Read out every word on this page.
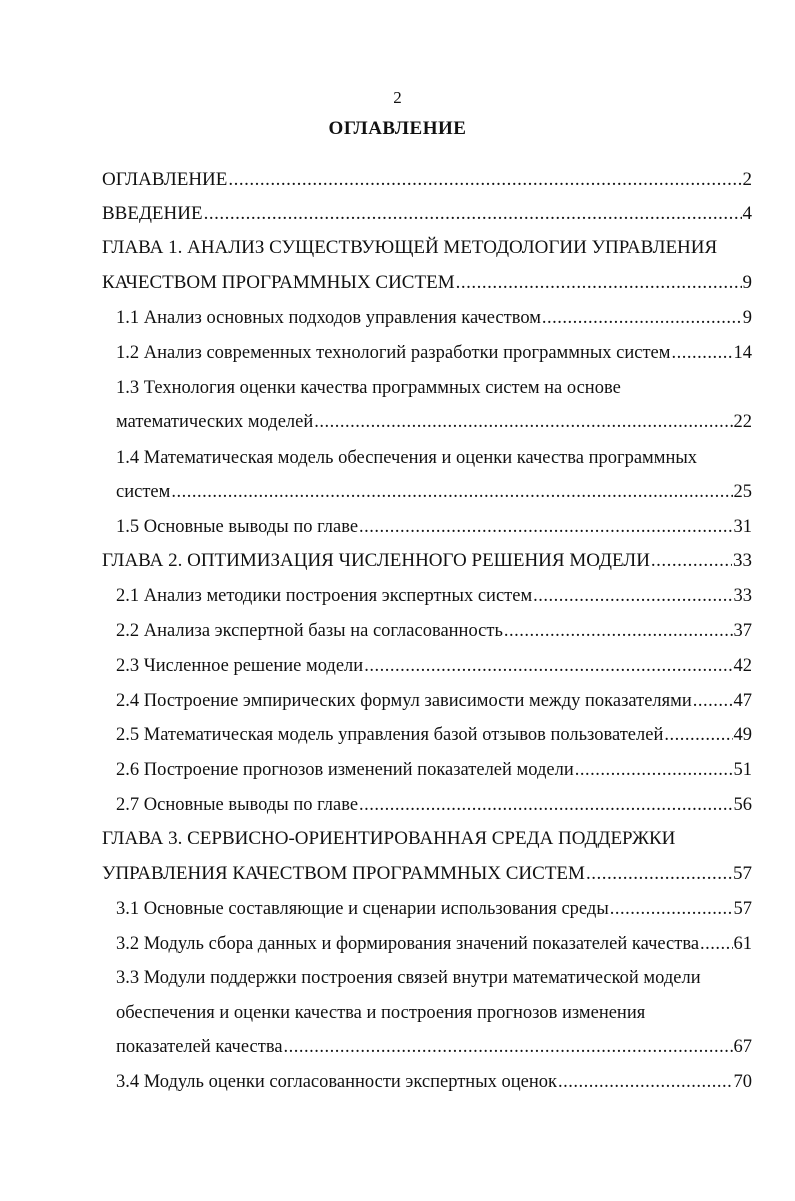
2
ОГЛАВЛЕНИЕ
ОГЛАВЛЕНИЕ .....	2
ВВЕДЕНИЕ .....	4
ГЛАВА 1. АНАЛИЗ СУЩЕСТВУЮЩЕЙ МЕТОДОЛОГИИ УПРАВЛЕНИЯ
КАЧЕСТВОМ ПРОГРАММНЫХ СИСТЕМ .....	9
1.1 Анализ основных подходов управления качеством .....	9
1.2 Анализ современных технологий разработки программных систем .....	14
1.3 Технология оценки качества программных систем на основе
математических моделей .....	22
1.4 Математическая модель обеспечения и оценки качества программных
систем .....	25
1.5 Основные выводы по главе .....	31
ГЛАВА 2. ОПТИМИЗАЦИЯ ЧИСЛЕННОГО РЕШЕНИЯ МОДЕЛИ .....	33
2.1 Анализ методики построения экспертных систем .....	33
2.2 Анализа экспертной базы на согласованность .....	37
2.3 Численное решение модели .....	42
2.4 Построение эмпирических формул зависимости между показателями ..... 47
2.5 Математическая модель управления базой отзывов пользователей .....	49
2.6 Построение прогнозов изменений показателей модели .....	51
2.7 Основные выводы по главе .....	56
ГЛАВА 3. СЕРВИСНО-ОРИЕНТИРОВАННАЯ СРЕДА ПОДДЕРЖКИ
УПРАВЛЕНИЯ КАЧЕСТВОМ ПРОГРАММНЫХ СИСТЕМ .....	57
3.1 Основные составляющие и сценарии использования среды .....	57
3.2 Модуль сбора данных и формирования значений показателей качества ..... 61
3.3 Модули поддержки построения связей внутри математической модели
обеспечения и оценки качества и построения прогнозов изменения
показателей качества .....	67
3.4 Модуль оценки согласованности экспертных оценок .....	70
